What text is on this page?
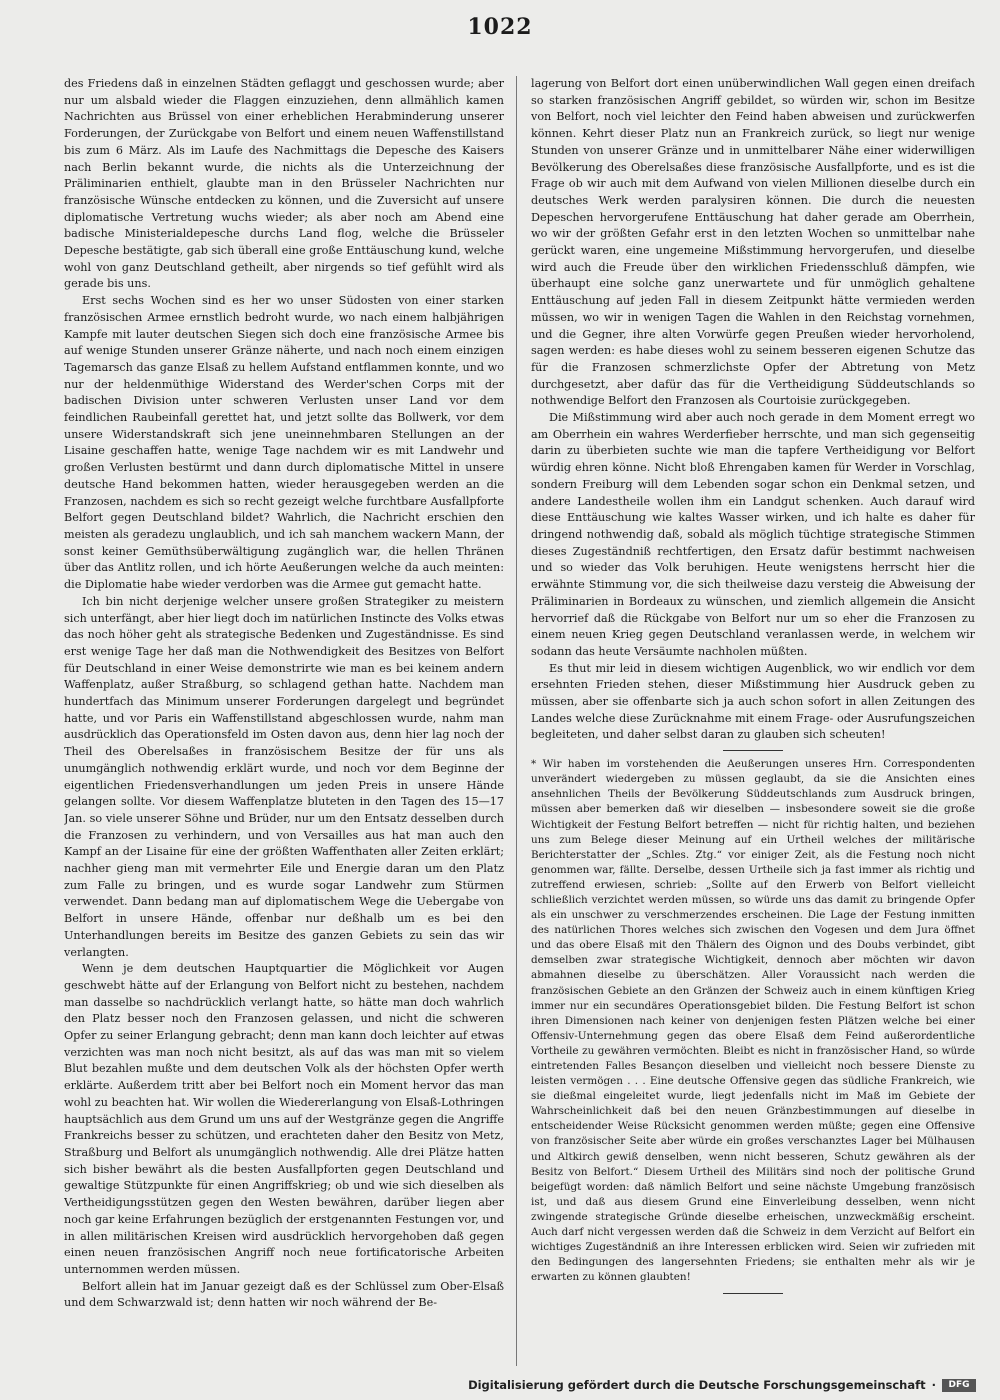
1022

des Friedens daß in einzelnen Städten geflaggt und geschossen wurde; aber nur um alsbald wieder die Flaggen einzuziehen, denn allmählich kamen Nachrichten aus Brüssel von einer erheblichen Herabminderung unserer Forderungen, der Zurückgabe von Belfort und einem neuen Waffenstillstand bis zum 6 März. Als im Laufe des Nachmittags die Depesche des Kaisers nach Berlin bekannt wurde, die nichts als die Unterzeichnung der Präliminarien enthielt, glaubte man in den Brüsseler Nachrichten nur französische Wünsche entdecken zu können, und die Zuversicht auf unsere diplomatische Vertretung wuchs wieder; als aber noch am Abend eine badische Ministerialdepesche durchs Land flog, welche die Brüsseler Depesche bestätigte, gab sich überall eine große Enttäuschung kund, welche wohl von ganz Deutschland getheilt, aber nirgends so tief gefühlt wird als gerade bis uns.

Erst sechs Wochen sind es her wo unser Südosten von einer starken französischen Armee ernstlich bedroht wurde, wo nach einem halbjährigen Kampfe mit lauter deutschen Siegen sich doch eine französische Armee bis auf wenige Stunden unserer Gränze näherte, und nach noch einem einzigen Tagemarsch das ganze Elsaß zu hellem Aufstand entflammen konnte, und wo nur der heldenmüthige Widerstand des Werder'schen Corps mit der badischen Division unter schweren Verlusten unser Land vor dem feindlichen Raubeinfall gerettet hat, und jetzt sollte das Bollwerk, vor dem unsere Widerstandskraft sich jene uneinnehmbaren Stellungen an der Lisaine geschaffen hatte, wenige Tage nachdem wir es mit Landwehr und großen Verlusten bestürmt und dann durch diplomatische Mittel in unsere deutsche Hand bekommen hatten, wieder herausgegeben werden an die Franzosen, nachdem es sich so recht gezeigt welche furchtbare Ausfallpforte Belfort gegen Deutschland bildet? Wahrlich, die Nachricht erschien den meisten als geradezu unglaublich, und ich sah manchem wackern Mann, der sonst keiner Gemüthsüberwältigung zugänglich war, die hellen Thränen über das Antlitz rollen, und ich hörte Aeußerungen welche da auch meinten: die Diplomatie habe wieder verdorben was die Armee gut gemacht hatte.

Ich bin nicht derjenige welcher unsere großen Strategiker zu meistern sich unterfängt, aber hier liegt doch im natürlichen Instincte des Volks etwas das noch höher geht als strategische Bedenken und Zugeständnisse. Es sind erst wenige Tage her daß man die Nothwendigkeit des Besitzes von Belfort für Deutschland in einer Weise demonstrirte wie man es bei keinem andern Waffenplatz, außer Straßburg, so schlagend gethan hatte. Nachdem man hundertfach das Minimum unserer Forderungen dargelegt und begründet hatte, und vor Paris ein Waffenstillstand abgeschlossen wurde, nahm man ausdrücklich das Operationsfeld im Osten davon aus, denn hier lag noch der Theil des Oberelsaßes in französischem Besitze der für uns als unumgänglich nothwendig erklärt wurde, und noch vor dem Beginne der eigentlichen Friedensverhandlungen um jeden Preis in unsere Hände gelangen sollte. Vor diesem Waffenplatze bluteten in den Tagen des 15—17 Jan. so viele unserer Söhne und Brüder, nur um den Entsatz desselben durch die Franzosen zu verhindern, und von Versailles aus hat man auch den Kampf an der Lisaine für eine der größten Waffenthaten aller Zeiten erklärt; nachher gieng man mit vermehrter Eile und Energie daran um den Platz zum Falle zu bringen, und es wurde sogar Landwehr zum Stürmen verwendet. Dann bedang man auf diplomatischem Wege die Uebergabe von Belfort in unsere Hände, offenbar nur deßhalb um es bei den Unterhandlungen bereits im Besitze des ganzen Gebiets zu sein das wir verlangten.

Wenn je dem deutschen Hauptquartier die Möglichkeit vor Augen geschwebt hätte auf der Erlangung von Belfort nicht zu bestehen, nachdem man dasselbe so nachdrücklich verlangt hatte, so hätte man doch wahrlich den Platz besser noch den Franzosen gelassen, und nicht die schweren Opfer zu seiner Erlangung gebracht; denn man kann doch leichter auf etwas verzichten was man noch nicht besitzt, als auf das was man mit so vielem Blut bezahlen mußte und dem deutschen Volk als der höchsten Opfer werth erklärte. Außerdem tritt aber bei Belfort noch ein Moment hervor das man wohl zu beachten hat. Wir wollen die Wiedererlangung von Elsaß-Lothringen hauptsächlich aus dem Grund um uns auf der Westgränze gegen die Angriffe Frankreichs besser zu schützen, und erachteten daher den Besitz von Metz, Straßburg und Belfort als unumgänglich nothwendig. Alle drei Plätze hatten sich bisher bewährt als die besten Ausfallpforten gegen Deutschland und gewaltige Stützpunkte für einen Angriffskrieg; ob und wie sich dieselben als Vertheidigungsstützen gegen den Westen bewähren, darüber liegen aber noch gar keine Erfahrungen bezüglich der erstgenannten Festungen vor, und in allen militärischen Kreisen wird ausdrücklich hervorgehoben daß gegen einen neuen französischen Angriff noch neue fortificatorische Arbeiten unternommen werden müssen.

Belfort allein hat im Januar gezeigt daß es der Schlüssel zum Ober-Elsaß und dem Schwarzwald ist; denn hatten wir noch während der Be-

lagerung von Belfort dort einen unüberwindlichen Wall gegen einen dreifach so starken französischen Angriff gebildet, so würden wir, schon im Besitze von Belfort, noch viel leichter den Feind haben abweisen und zurückwerfen können. Kehrt dieser Platz nun an Frankreich zurück, so liegt nur wenige Stunden von unserer Gränze und in unmittelbarer Nähe einer widerwilligen Bevölkerung des Oberelsaßes diese französische Ausfallpforte, und es ist die Frage ob wir auch mit dem Aufwand von vielen Millionen dieselbe durch ein deutsches Werk werden paralysiren können. Die durch die neuesten Depeschen hervorgerufene Enttäuschung hat daher gerade am Oberrhein, wo wir der größten Gefahr erst in den letzten Wochen so unmittelbar nahe gerückt waren, eine ungemeine Mißstimmung hervorgerufen, und dieselbe wird auch die Freude über den wirklichen Friedensschluß dämpfen, wie überhaupt eine solche ganz unerwartete und für unmöglich gehaltene Enttäuschung auf jeden Fall in diesem Zeitpunkt hätte vermieden werden müssen, wo wir in wenigen Tagen die Wahlen in den Reichstag vornehmen, und die Gegner, ihre alten Vorwürfe gegen Preußen wieder hervorholend, sagen werden: es habe dieses wohl zu seinem besseren eigenen Schutze das für die Franzosen schmerzlichste Opfer der Abtretung von Metz durchgesetzt, aber dafür das für die Vertheidigung Süddeutschlands so nothwendige Belfort den Franzosen als Courtoisie zurückgegeben.

Die Mißstimmung wird aber auch noch gerade in dem Moment erregt wo am Oberrhein ein wahres Werderfieber herrschte, und man sich gegenseitig darin zu überbieten suchte wie man die tapfere Vertheidigung vor Belfort würdig ehren könne. Nicht bloß Ehrengaben kamen für Werder in Vorschlag, sondern Freiburg will dem Lebenden sogar schon ein Denkmal setzen, und andere Landestheile wollen ihm ein Landgut schenken. Auch darauf wird diese Enttäuschung wie kaltes Wasser wirken, und ich halte es daher für dringend nothwendig daß, sobald als möglich tüchtige strategische Stimmen dieses Zugeständniß rechtfertigen, den Ersatz dafür bestimmt nachweisen und so wieder das Volk beruhigen. Heute wenigstens herrscht hier die erwähnte Stimmung vor, die sich theilweise dazu versteig die Abweisung der Präliminarien in Bordeaux zu wünschen, und ziemlich allgemein die Ansicht hervorrief daß die Rückgabe von Belfort nur um so eher die Franzosen zu einem neuen Krieg gegen Deutschland veranlassen werde, in welchem wir sodann das heute Versäumte nachholen müßten.

Es thut mir leid in diesem wichtigen Augenblick, wo wir endlich vor dem ersehnten Frieden stehen, dieser Mißstimmung hier Ausdruck geben zu müssen, aber sie offenbarte sich ja auch schon sofort in allen Zeitungen des Landes welche diese Zurücknahme mit einem Frage- oder Ausrufungszeichen begleiteten, und daher selbst daran zu glauben sich scheuten!

* Wir haben im vorstehenden die Aeußerungen unseres Hrn. Correspondenten unverändert wiedergeben zu müssen geglaubt, da sie die Ansichten eines ansehnlichen Theils der Bevölkerung Süddeutschlands zum Ausdruck bringen, müssen aber bemerken daß wir dieselben — insbesondere soweit sie die große Wichtigkeit der Festung Belfort betreffen — nicht für richtig halten, und beziehen uns zum Belege dieser Meinung auf ein Urtheil welches der militärische Berichterstatter der „Schles. Ztg.“ vor einiger Zeit, als die Festung noch nicht genommen war, fällte. Derselbe, dessen Urtheile sich ja fast immer als richtig und zutreffend erwiesen, schrieb: „Sollte auf den Erwerb von Belfort vielleicht schließlich verzichtet werden müssen, so würde uns das damit zu bringende Opfer als ein unschwer zu verschmerzendes erscheinen. Die Lage der Festung inmitten des natürlichen Thores welches sich zwischen den Vogesen und dem Jura öffnet und das obere Elsaß mit den Thälern des Oignon und des Doubs verbindet, gibt demselben zwar strategische Wichtigkeit, dennoch aber möchten wir davon abmahnen dieselbe zu überschätzen. Aller Voraussicht nach werden die französischen Gebiete an den Gränzen der Schweiz auch in einem künftigen Krieg immer nur ein secundäres Operationsgebiet bilden. Die Festung Belfort ist schon ihren Dimensionen nach keiner von denjenigen festen Plätzen welche bei einer Offensiv-Unternehmung gegen das obere Elsaß dem Feind außerordentliche Vortheile zu gewähren vermöchten. Bleibt es nicht in französischer Hand, so würde eintretenden Falles Besançon dieselben und vielleicht noch bessere Dienste zu leisten vermögen . . . Eine deutsche Offensive gegen das südliche Frankreich, wie sie dießmal eingeleitet wurde, liegt jedenfalls nicht im Maß im Gebiete der Wahrscheinlichkeit daß bei den neuen Gränzbestimmungen auf dieselbe in entscheidender Weise Rücksicht genommen werden müßte; gegen eine Offensive von französischer Seite aber würde ein großes verschanztes Lager bei Mülhausen und Altkirch gewiß denselben, wenn nicht besseren, Schutz gewähren als der Besitz von Belfort.“ Diesem Urtheil des Militärs sind noch der politische Grund beigefügt worden: daß nämlich Belfort und seine nächste Umgebung französisch ist, und daß aus diesem Grund eine Einverleibung desselben, wenn nicht zwingende strategische Gründe dieselbe erheischen, unzweckmäßig erscheint. Auch darf nicht vergessen werden daß die Schweiz in dem Verzicht auf Belfort ein wichtiges Zugeständniß an ihre Interessen erblicken wird. Seien wir zufrieden mit den Bedingungen des langersehnten Friedens; sie enthalten mehr als wir je erwarten zu können glaubten!

Digitalisierung gefördert durch die Deutsche Forschungsgemeinschaft ·	DFG
